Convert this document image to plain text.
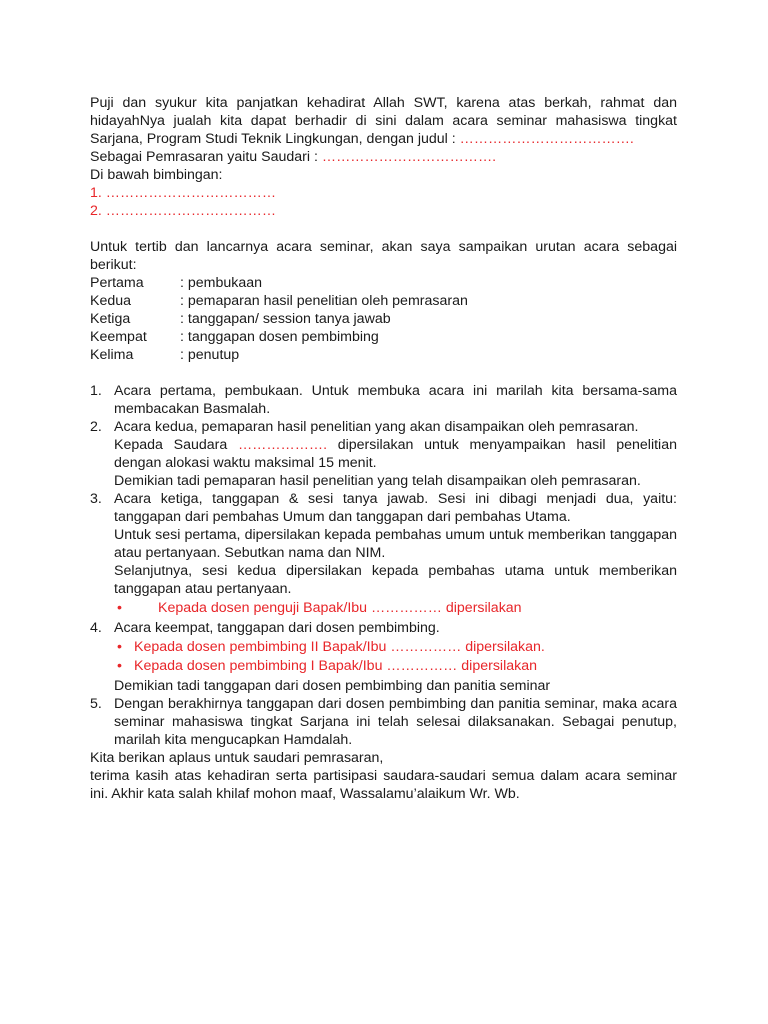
Puji dan syukur kita panjatkan kehadirat Allah SWT, karena atas berkah, rahmat dan hidayahNya jualah kita dapat berhadir di sini dalam acara seminar mahasiswa tingkat Sarjana, Program Studi Teknik Lingkungan, dengan judul : ……………………………….

Sebagai Pemrasaran yaitu Saudari : ……………………………….

Di bawah bimbingan:

1. ………………………………

2. ………………………………

Untuk tertib dan lancarnya acara seminar, akan saya sampaikan urutan acara sebagai berikut:

Pertama	: pembukaan
Kedua	: pemaparan hasil penelitian oleh pemrasaran
Ketiga	: tanggapan/ session tanya jawab
Keempat	: tanggapan dosen pembimbing
Kelima	: penutup
1. Acara pertama, pembukaan. Untuk membuka acara ini marilah kita bersama-sama membacakan Basmalah.

2. Acara kedua, pemaparan hasil penelitian yang akan disampaikan oleh pemrasaran.

Kepada Saudara ………………. dipersilakan untuk menyampaikan hasil penelitian dengan alokasi waktu maksimal 15 menit.

Demikian tadi pemaparan hasil penelitian yang telah disampaikan oleh pemrasaran.

3. Acara ketiga, tanggapan & sesi tanya jawab. Sesi ini dibagi menjadi dua, yaitu: tanggapan dari pembahas Umum dan tanggapan dari pembahas Utama.

Untuk sesi pertama, dipersilakan kepada pembahas umum untuk memberikan tanggapan atau pertanyaan. Sebutkan nama dan NIM.

Selanjutnya, sesi kedua dipersilakan kepada pembahas utama untuk memberikan tanggapan atau pertanyaan.

•	Kepada dosen penguji Bapak/Ibu …………… dipersilakan
4. Acara keempat, tanggapan dari dosen pembimbing.

• Kepada dosen pembimbing II Bapak/Ibu …………… dipersilakan.
• Kepada dosen pembimbing I Bapak/Ibu …………… dipersilakan

Demikian tadi tanggapan dari dosen pembimbing dan panitia seminar

5. Dengan berakhirnya tanggapan dari dosen pembimbing dan panitia seminar, maka acara seminar mahasiswa tingkat Sarjana ini telah selesai dilaksanakan. Sebagai penutup, marilah kita mengucapkan Hamdalah.

Kita berikan aplaus untuk saudari pemrasaran,

terima kasih atas kehadiran serta partisipasi saudara-saudari semua dalam acara seminar ini. Akhir kata salah khilaf mohon maaf, Wassalamu’alaikum Wr. Wb.
